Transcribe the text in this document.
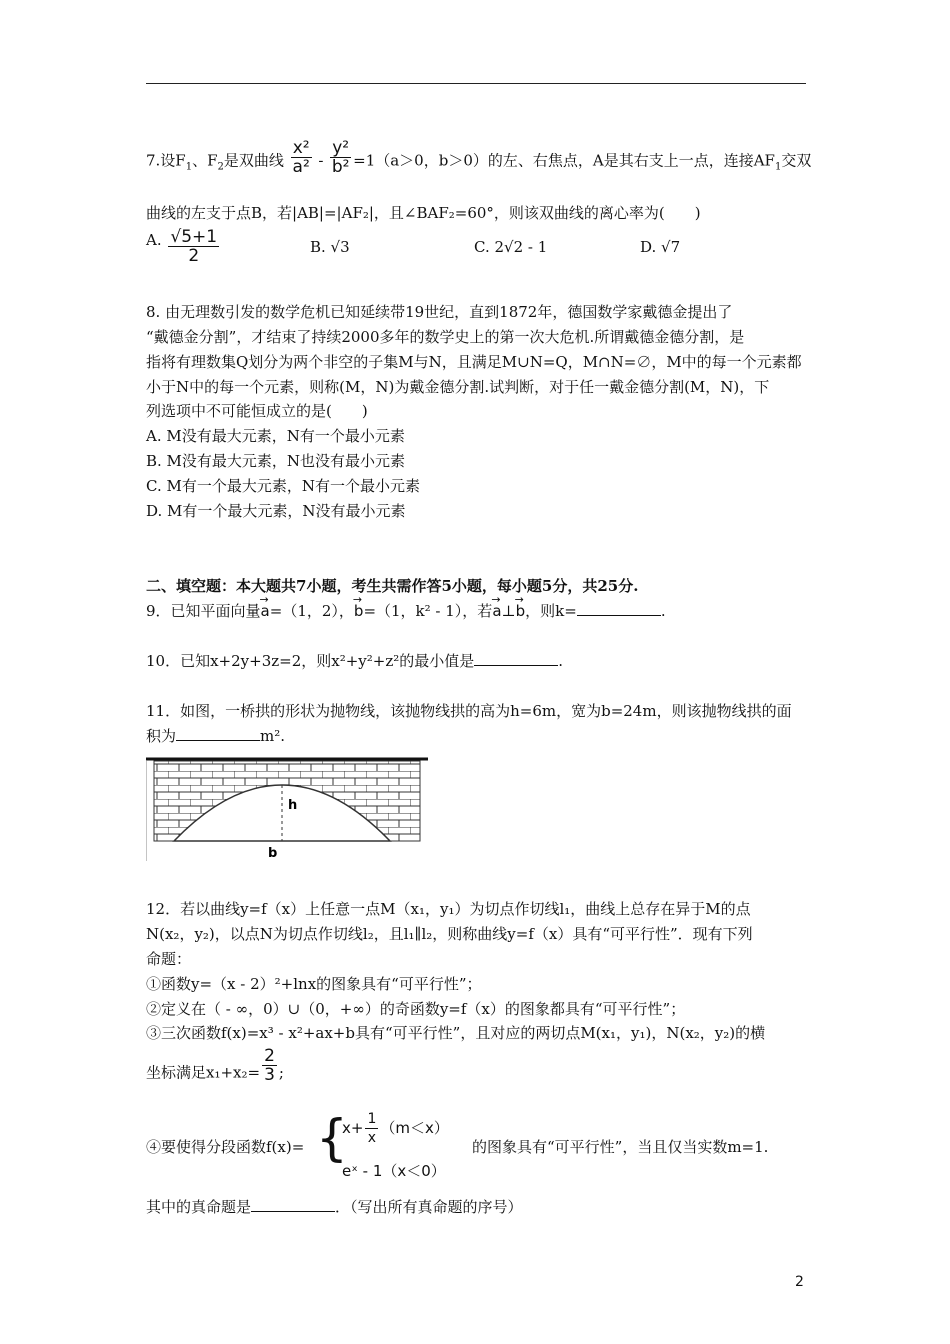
7.设$F_1$、$F_2$是双曲线 $\frac{\text{x²}}{\text{a²}} - \frac{\text{y²}}{\text{b²}} =1(a>0$，b＞0）的左、右焦点，A是其右支上一点，连接$AF_1$交双
曲线的左支于点B，若|AB|=|AF₂|，且∠BAF₂=60°，则该双曲线的离心率为(　　)
A. $\frac{√5+1}{2}$	B. √3	C. 2√2 - 1	D. √7
8. 由无理数引发的数学危机已知延续带19世纪，直到1872年，德国数学家戴德金提出了
“戴德金分割”，才结束了持续2000多年的数学史上的第一次大危机.所谓戴德金德分割，是
指将有理数集Q划分为两个非空的子集M与N，且满足M∪N=Q，M∩N=∅，M中的每一个元素都
小于N中的每一个元素，则称(M，N)为戴金德分割.试判断，对于任一戴金德分割(M，N)，下
列选项中不可能恒成立的是(　　)
A. M没有最大元素，N有一个最小元素
B. M没有最大元素，N也没有最小元素
C. M有一个最大元素，N有一个最小元素
D. M有一个最大元素，N没有最小元素
二、填空题：本大题共7小题，考生共需作答5小题，每小题5分，共25分.
9．已知平面向量→ a=（1，2），→ b=（1，k² - 1），若→ a⊥→ b，则k=	.
10．已知x+2y+3z=2，则x²+y²+z²的最小值是	.
11．如图，一桥拱的形状为抛物线，该抛物线拱的高为h=6m，宽为b=24m，则该抛物线拱的面
积为	m².
h
b
12．若以曲线y=f（x）上任意一点M（x₁，y₁）为切点作切线l₁，曲线上总存在异于M的点
N(x₂，y₂)，以点N为切点作切线l₂，且l₁∥l₂，则称曲线y=f（x）具有“可平行性”．现有下列
命题：
①函数y=（x - 2）²+lnx的图象具有“可平行性”；
②定义在（ - ∞，0）∪（0，+∞）的奇函数y=f（x）的图象都具有“可平行性”；
③三次函数f(x)=x³ - x²+ax+b具有“可平行性”，且对应的两切点M(x₁，y₁)，N(x₂，y₂)的横
坐标满足$x_1+x_2= \frac{2}{3}$ ;
④要使得分段函数f(x)= {
$x+ \frac{1}{x} (m<x)$
eˣ - 1（x＜0）
的图象具有“可平行性”，当且仅当实数m=1.
其中的真命题是	．（写出所有真命题的序号）
2
